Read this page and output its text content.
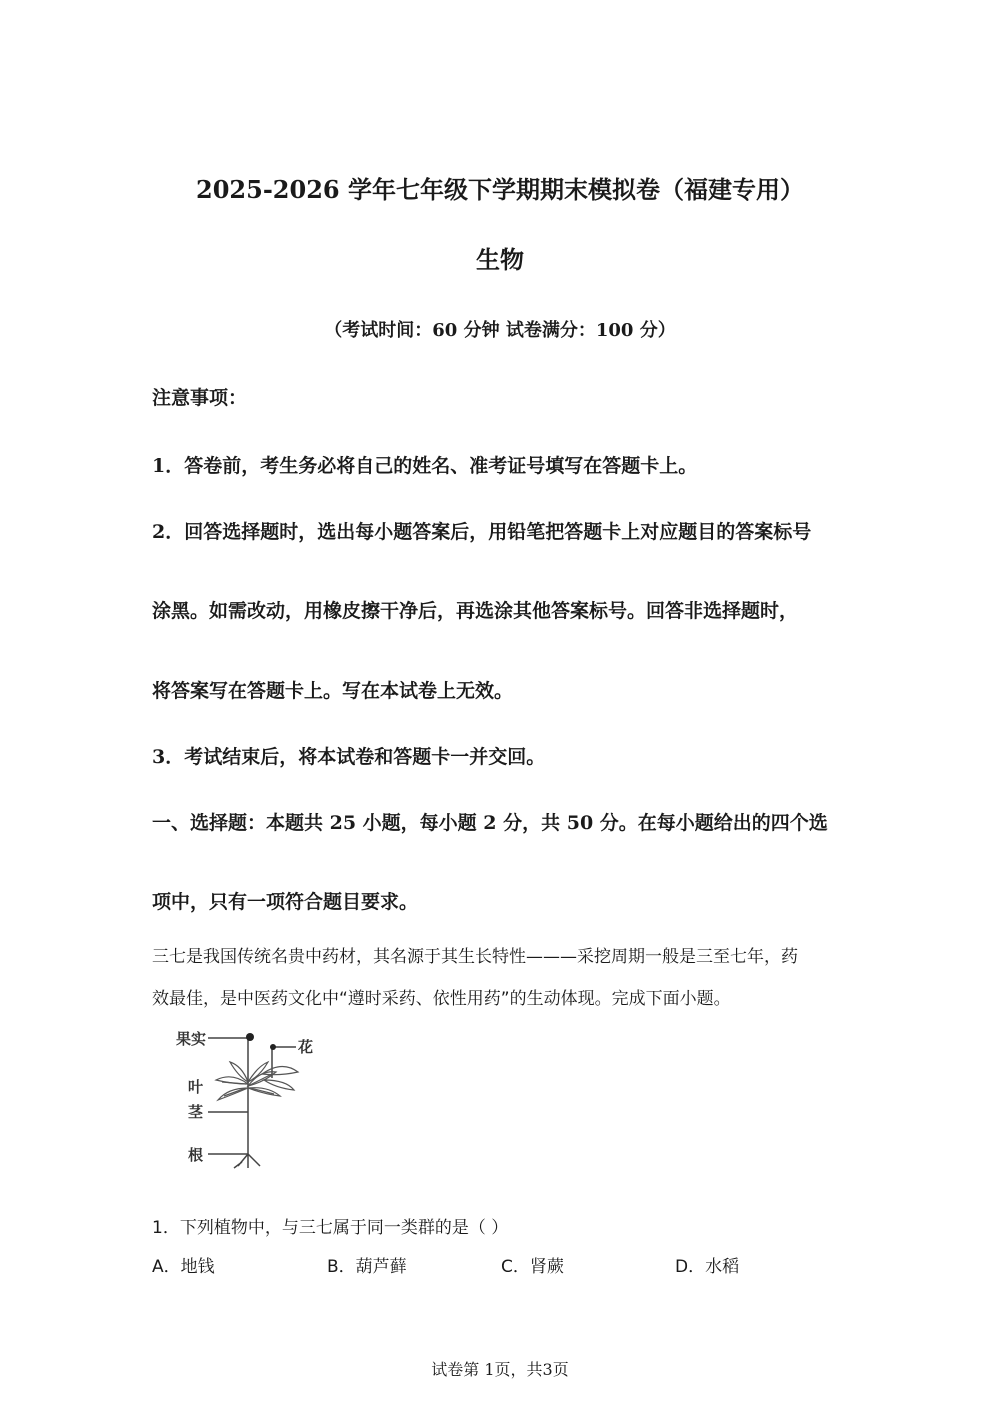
2025-2026 学年七年级下学期期末模拟卷（福建专用）
生物
（考试时间：60 分钟 试卷满分：100 分）
注意事项：
1．答卷前，考生务必将自己的姓名、准考证号填写在答题卡上。
2．回答选择题时，选出每小题答案后，用铅笔把答题卡上对应题目的答案标号
涂黑。如需改动，用橡皮擦干净后，再选涂其他答案标号。回答非选择题时，
将答案写在答题卡上。写在本试卷上无效。
3．考试结束后，将本试卷和答题卡一并交回。
一、选择题：本题共 25 小题，每小题 2 分，共 50 分。在每小题给出的四个选
项中，只有一项符合题目要求。
三七是我国传统名贵中药材，其名源于其生长特性———采挖周期一般是三至七年，药
效最佳，是中医药文化中“遵时采药、依性用药”的生动体现。完成下面小题。
果实	花
叶
茎
根
1．下列植物中，与三七属于同一类群的是（ ）
A．地钱	B．葫芦藓	C．肾蕨	D．水稻
试卷第 1页，共3页
